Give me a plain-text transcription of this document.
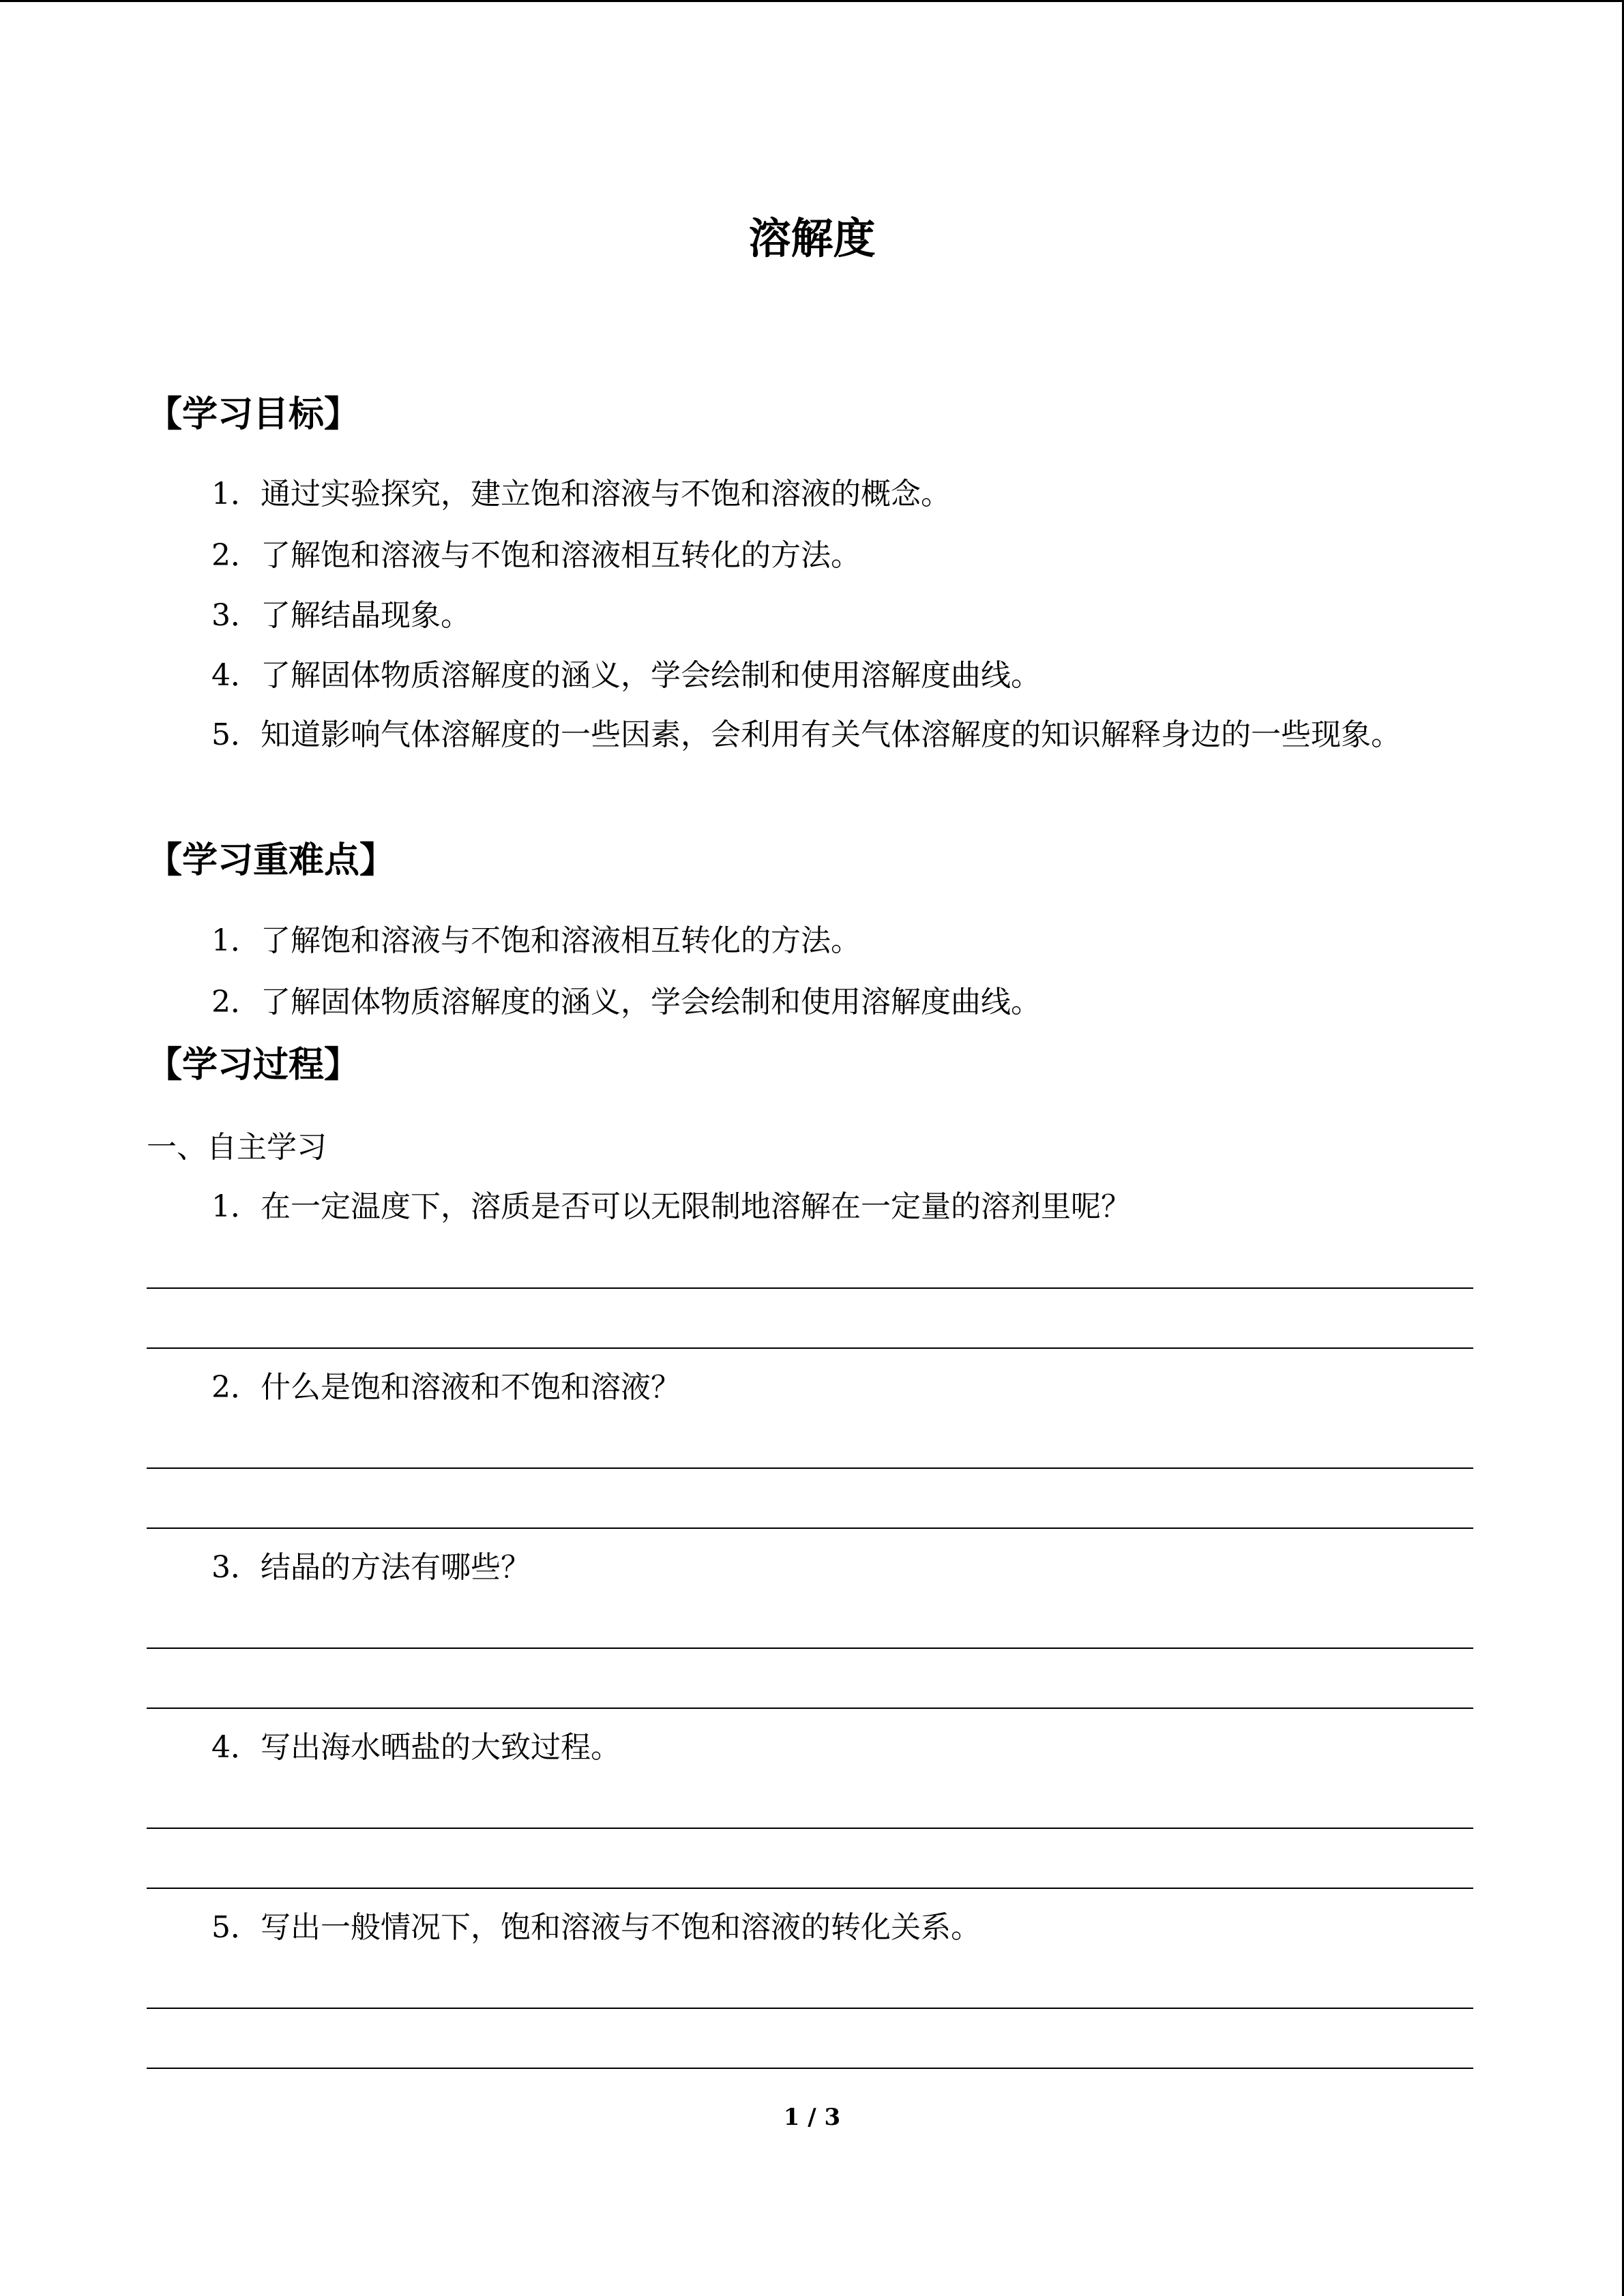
溶解度
【学习目标】
1．通过实验探究，建立饱和溶液与不饱和溶液的概念。
2．了解饱和溶液与不饱和溶液相互转化的方法。
3．了解结晶现象。
4．了解固体物质溶解度的涵义，学会绘制和使用溶解度曲线。
5．知道影响气体溶解度的一些因素，会利用有关气体溶解度的知识解释身边的一些现象。
【学习重难点】
1．了解饱和溶液与不饱和溶液相互转化的方法。
2．了解固体物质溶解度的涵义，学会绘制和使用溶解度曲线。
【学习过程】
一、自主学习
1．在一定温度下，溶质是否可以无限制地溶解在一定量的溶剂里呢？
2．什么是饱和溶液和不饱和溶液？
3．结晶的方法有哪些？
4．写出海水晒盐的大致过程。
5．写出一般情况下，饱和溶液与不饱和溶液的转化关系。
1 / 3
